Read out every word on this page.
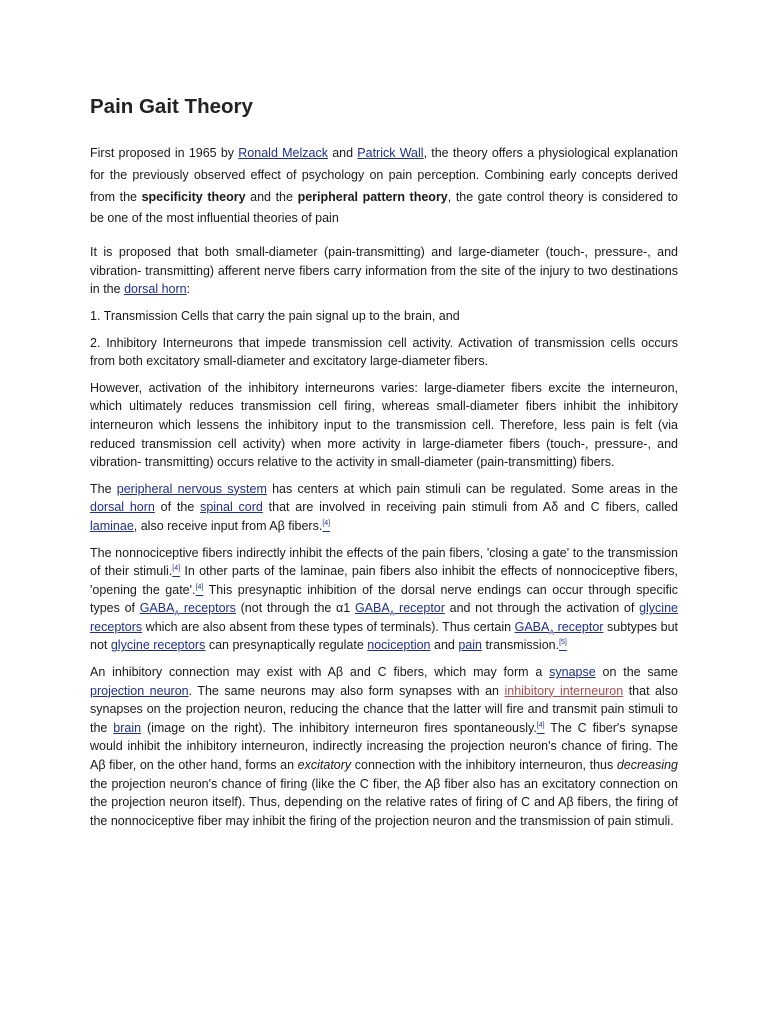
Pain Gait Theory

First proposed in 1965 by Ronald Melzack and Patrick Wall, the theory offers a physiological explanation for the previously observed effect of psychology on pain perception. Combining early concepts derived from the specificity theory and the peripheral pattern theory, the gate control theory is considered to be one of the most influential theories of pain

It is proposed that both small-diameter (pain-transmitting) and large-diameter (touch-, pressure-, and vibration- transmitting) afferent nerve fibers carry information from the site of the injury to two destinations in the dorsal horn:

1. Transmission Cells that carry the pain signal up to the brain, and

2. Inhibitory Interneurons that impede transmission cell activity. Activation of transmission cells occurs from both excitatory small-diameter and excitatory large-diameter fibers.

However, activation of the inhibitory interneurons varies: large-diameter fibers excite the interneuron, which ultimately reduces transmission cell firing, whereas small-diameter fibers inhibit the inhibitory interneuron which lessens the inhibitory input to the transmission cell. Therefore, less pain is felt (via reduced transmission cell activity) when more activity in large-diameter fibers (touch-, pressure-, and vibration- transmitting) occurs relative to the activity in small-diameter (pain-transmitting) fibers.

The peripheral nervous system has centers at which pain stimuli can be regulated. Some areas in the dorsal horn of the spinal cord that are involved in receiving pain stimuli from Aδ and C fibers, called laminae, also receive input from Aβ fibers.[4]

The nonnociceptive fibers indirectly inhibit the effects of the pain fibers, 'closing a gate' to the transmission of their stimuli.[4] In other parts of the laminae, pain fibers also inhibit the effects of nonnociceptive fibers, 'opening the gate'.[4] This presynaptic inhibition of the dorsal nerve endings can occur through specific types of $GABA_A$ receptors (not through the α1 $GABA_A$ receptor and not through the activation of glycine receptors which are also absent from these types of terminals). Thus certain $GABA_A$ receptor subtypes but not glycine receptors can presynaptically regulate nociception and pain transmission.[5]

An inhibitory connection may exist with Aβ and C fibers, which may form a synapse on the same projection neuron. The same neurons may also form synapses with an inhibitory interneuron that also synapses on the projection neuron, reducing the chance that the latter will fire and transmit pain stimuli to the brain (image on the right). The inhibitory interneuron fires spontaneously.[4] The C fiber's synapse would inhibit the inhibitory interneuron, indirectly increasing the projection neuron's chance of firing. The Aβ fiber, on the other hand, forms an excitatory connection with the inhibitory interneuron, thus decreasing the projection neuron's chance of firing (like the C fiber, the Aβ fiber also has an excitatory connection on the projection neuron itself). Thus, depending on the relative rates of firing of C and Aβ fibers, the firing of the nonnociceptive fiber may inhibit the firing of the projection neuron and the transmission of pain stimuli.
